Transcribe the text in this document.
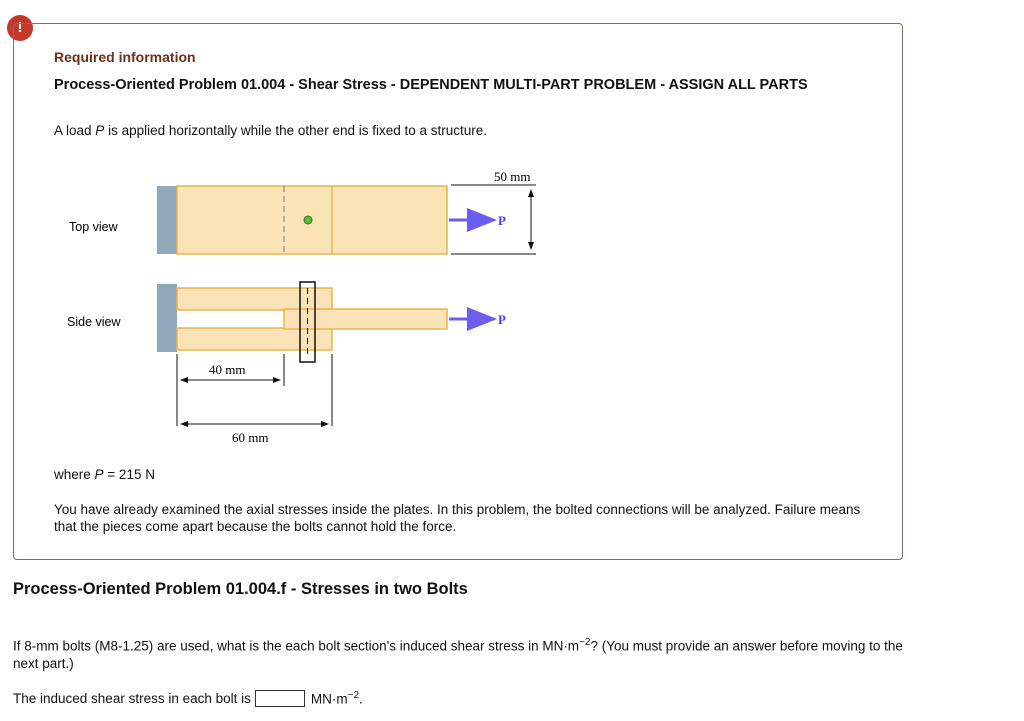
!
Required information
Process-Oriented Problem 01.004 - Shear Stress - DEPENDENT MULTI-PART PROBLEM - ASSIGN ALL PARTS
A load P is applied horizontally while the other end is fixed to a structure.
Top view	P
50 mm
Side view	P
40 mm
60 mm
where P = 215 N
You have already examined the axial stresses inside the plates. In this problem, the bolted connections will be analyzed. Failure means that the pieces come apart because the bolts cannot hold the force.
Process-Oriented Problem 01.004.f - Stresses in two Bolts
If 8-mm bolts (M8-1.25) are used, what is the each bolt section's induced shear stress in $MN\cdot m^{-2}$? (You must provide an answer before moving to the next part.)
The induced shear stress in each bolt is	$MN\cdot m^{-2}$.
